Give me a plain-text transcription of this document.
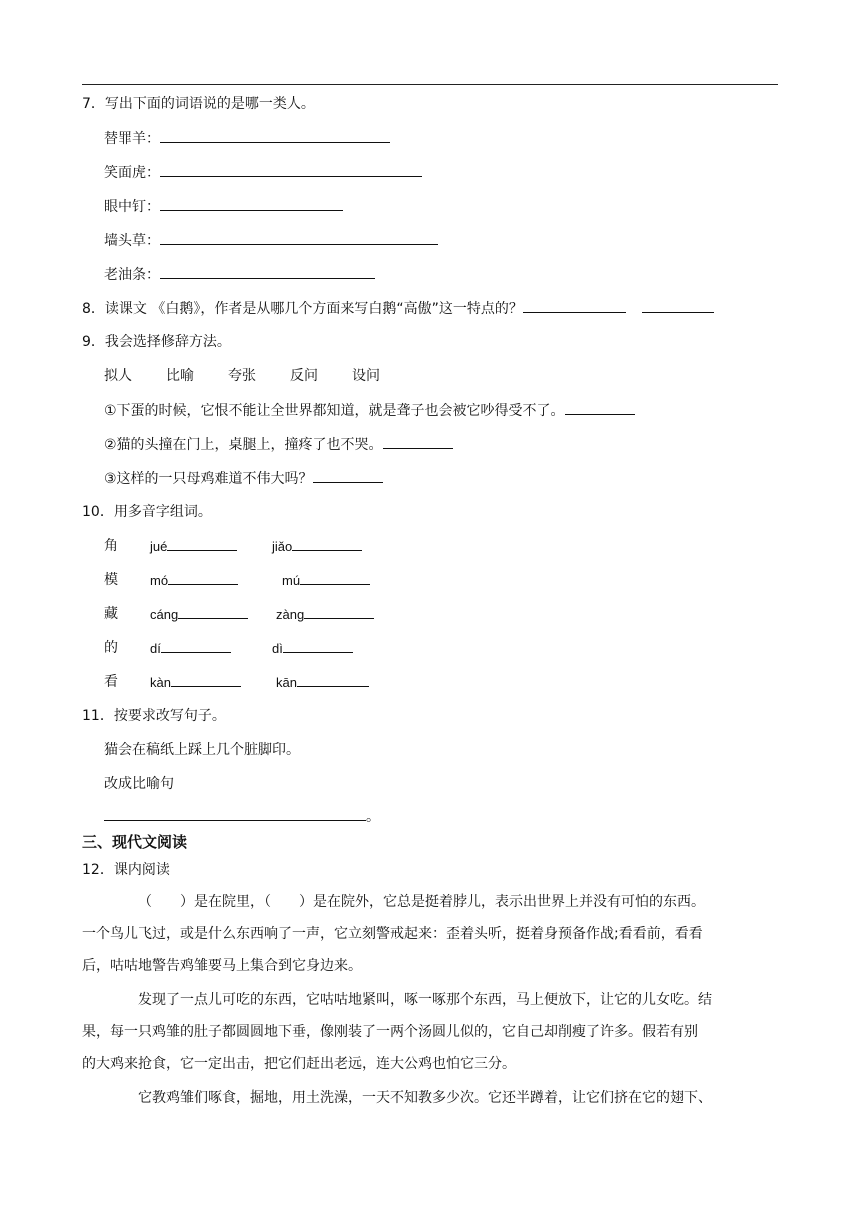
7．写出下面的词语说的是哪一类人。
替罪羊：
笑面虎：
眼中钉：
墙头草：
老油条：
8．读课文 《白鹅》，作者是从哪几个方面来写白鹅“高傲”这一特点的？
9．我会选择修辞方法。
拟人 比喻 夸张 反问 设问
①下蛋的时候，它恨不能让全世界都知道，就是聋子也会被它吵得受不了。
②猫的头撞在门上，桌腿上，撞疼了也不哭。
③这样的一只母鸡难道不伟大吗？
10．用多音字组词。
角 jué	jiǎo
模 mó	mú
藏 cáng	zàng
的 dí	dì
看 kàn	kān
11．按要求改写句子。
猫会在稿纸上踩上几个脏脚印。
改成比喻句
。
三、现代文阅读
12．课内阅读
（　　）是在院里，（　　）是在院外，它总是挺着脖儿，表示出世界上并没有可怕的东西。
一个鸟儿飞过，或是什么东西响了一声，它立刻警戒起来：歪着头听，挺着身预备作战;看看前，看看
后，咕咕地警告鸡雏要马上集合到它身边来。
发现了一点儿可吃的东西，它咕咕地紧叫，啄一啄那个东西，马上便放下，让它的儿女吃。结
果，每一只鸡雏的肚子都圆圆地下垂，像刚装了一两个汤圆儿似的，它自己却削瘦了许多。假若有别
的大鸡来抢食，它一定出击，把它们赶出老远，连大公鸡也怕它三分。
它教鸡雏们啄食，掘地，用土洗澡，一天不知教多少次。它还半蹲着，让它们挤在它的翅下、
